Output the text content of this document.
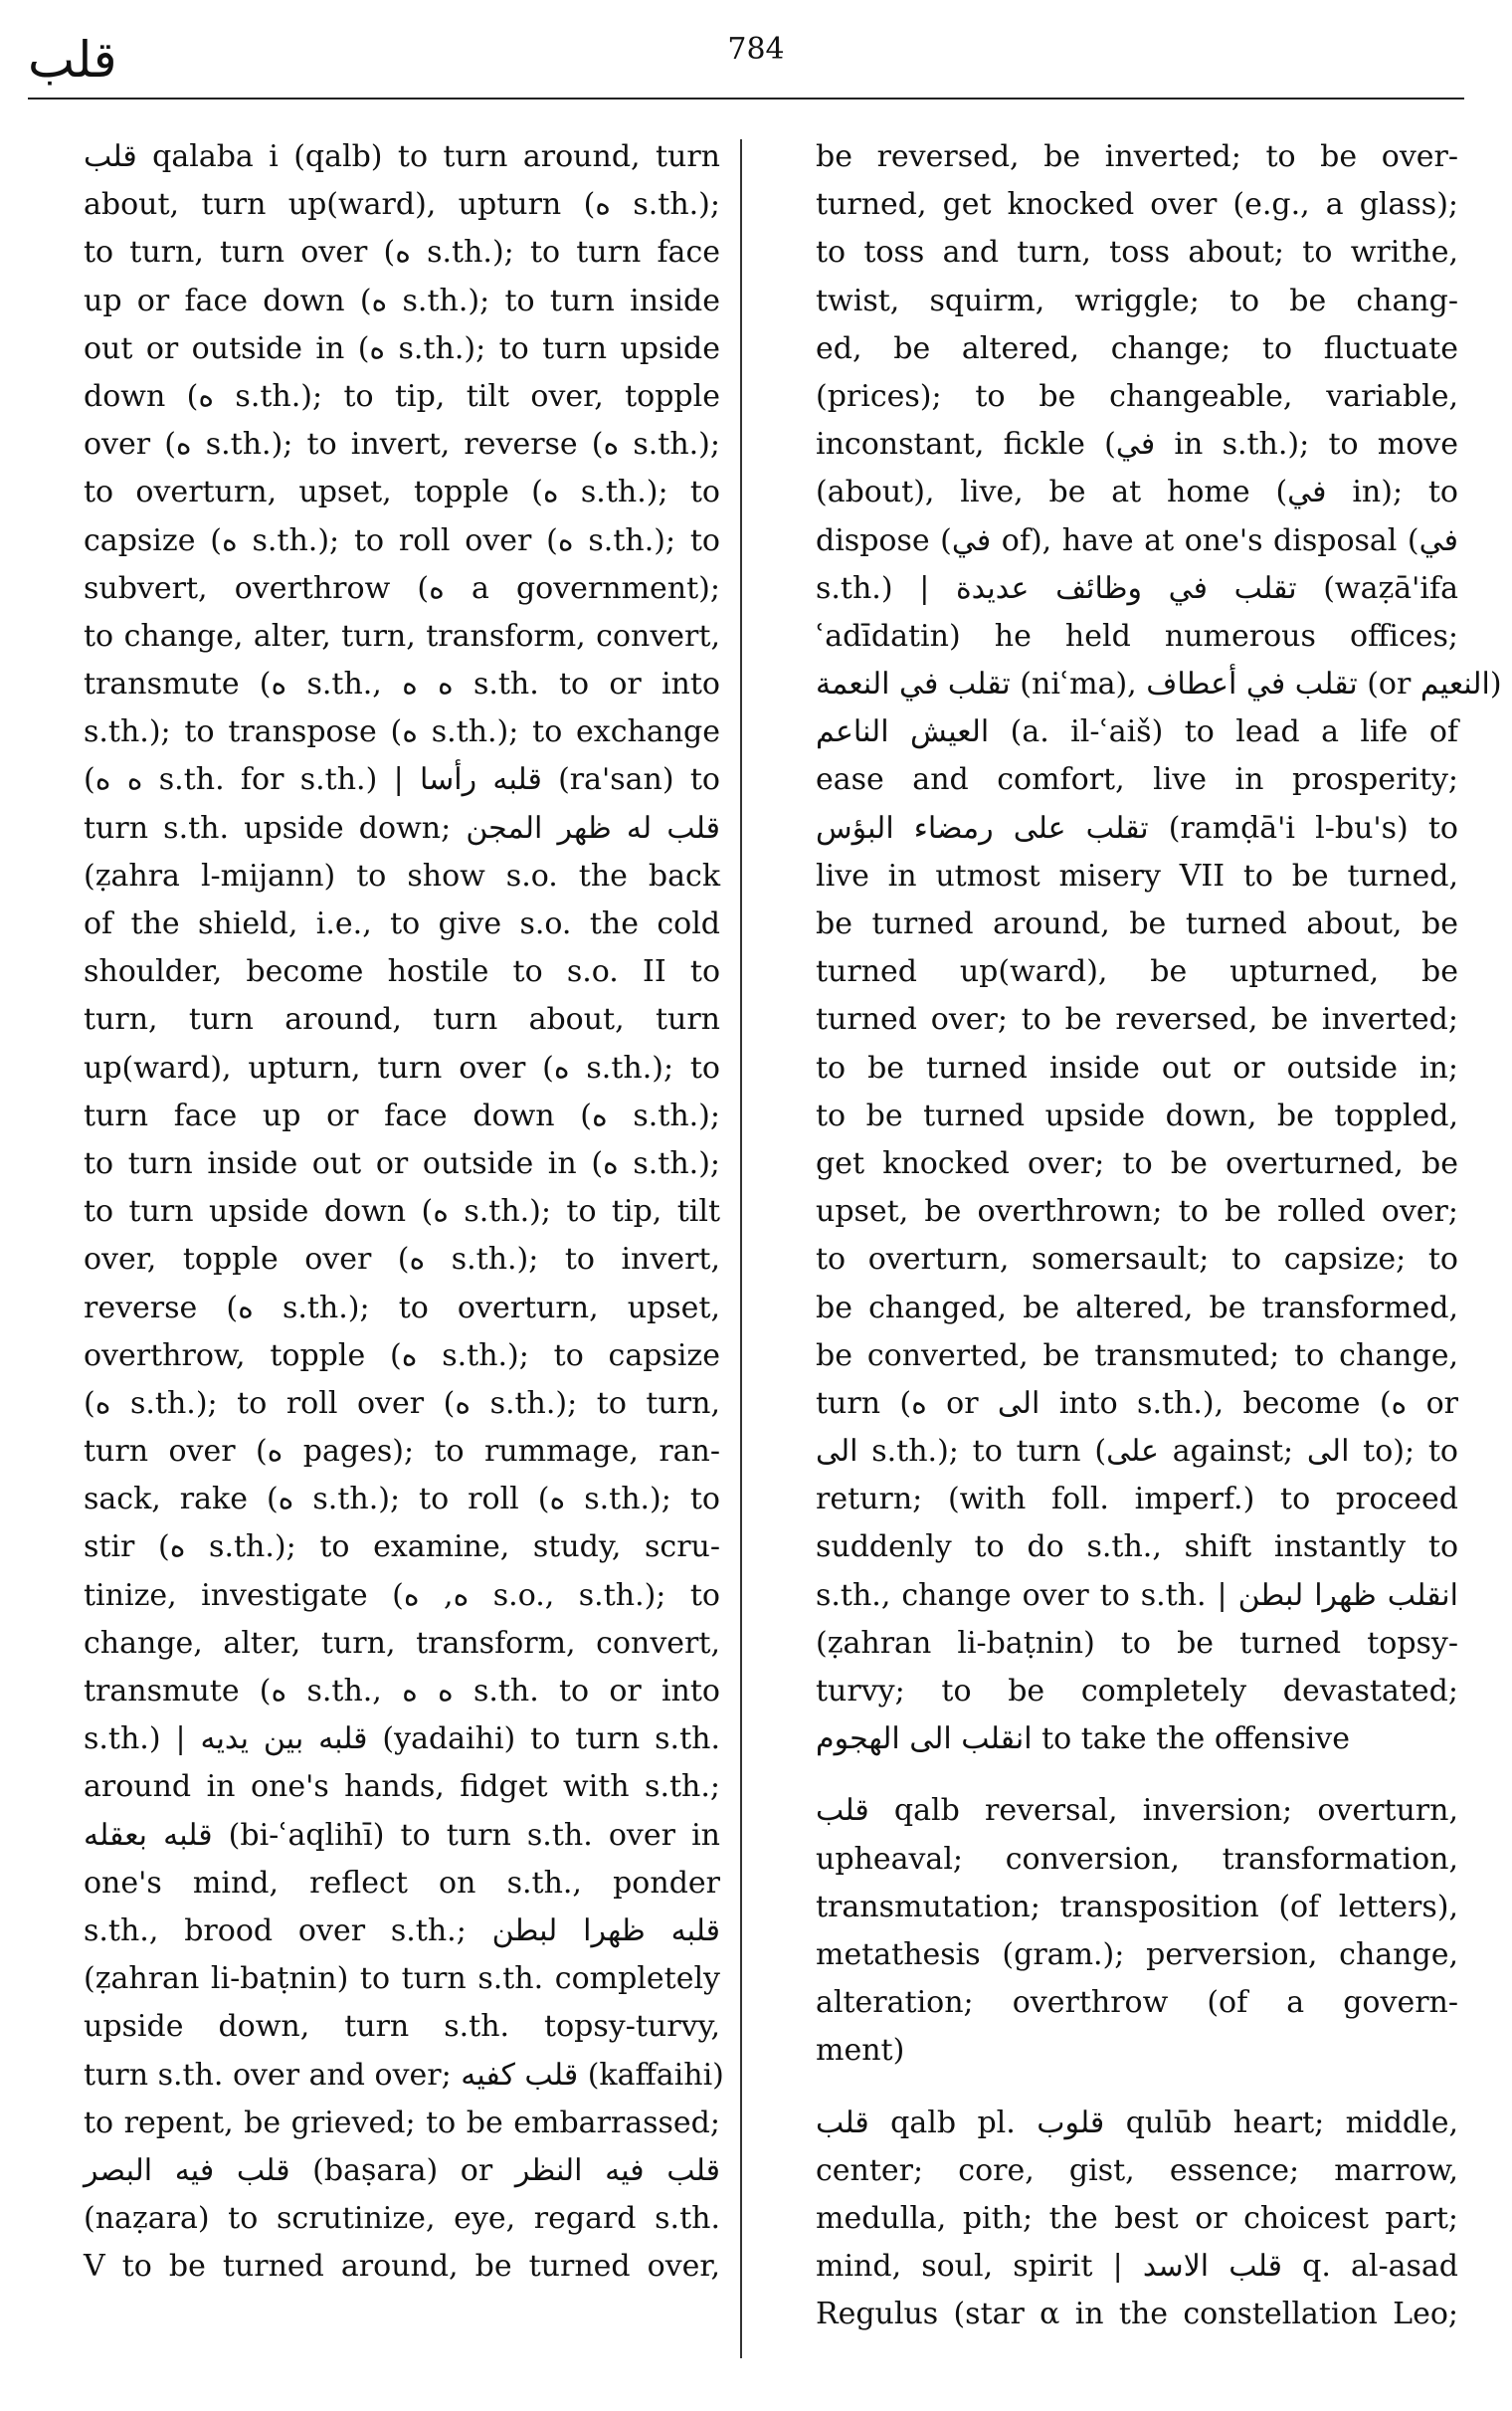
قلب	784
قلب qalaba i (qalb) to turn around, turn
about, turn up(ward), upturn (ه s.th.);
to turn, turn over (ه s.th.); to turn face
up or face down (ه s.th.); to turn inside
out or outside in (ه s.th.); to turn upside
down (ه s.th.); to tip, tilt over, topple
over (ه s.th.); to invert, reverse (ه s.th.);
to overturn, upset, topple (ه s.th.); to
capsize (ه s.th.); to roll over (ه s.th.); to
subvert, overthrow (ه a government);
to change, alter, turn, transform, convert,
transmute (ه s.th., ه ه s.th. to or into
s.th.); to transpose (ه s.th.); to exchange
(ه ه s.th. for s.th.) | قلبه رأسا (ra'san) to
turn s.th. upside down; قلب له ظهر المجن
(ẓahra l-mijann) to show s.o. the back
of the shield, i.e., to give s.o. the cold
shoulder, become hostile to s.o. II to
turn, turn around, turn about, turn
up(ward), upturn, turn over (ه s.th.); to
turn face up or face down (ه s.th.);
to turn inside out or outside in (ه s.th.);
to turn upside down (ه s.th.); to tip, tilt
over, topple over (ه s.th.); to invert,
reverse (ه s.th.); to overturn, upset,
overthrow, topple (ه s.th.); to capsize
(ه s.th.); to roll over (ه s.th.); to turn,
turn over (ه pages); to rummage, ran-
sack, rake (ه s.th.); to roll (ه s.th.); to
stir (ه s.th.); to examine, study, scru-
tinize, investigate (ه, ه s.o., s.th.); to
change, alter, turn, transform, convert,
transmute (ه s.th., ه ه s.th. to or into
s.th.) | قلبه بين يديه (yadaihi) to turn s.th.
around in one's hands, fidget with s.th.;
قلبه بعقله (bi-ʿaqlihī) to turn s.th. over in
one's mind, reflect on s.th., ponder
s.th., brood over s.th.; قلبه ظهرا لبطن
(ẓahran li-baṭnin) to turn s.th. completely
upside down, turn s.th. topsy-turvy,
turn s.th. over and over; قلب كفيه (kaffaihi)
to repent, be grieved; to be embarrassed;
قلب فيه البصر (baṣara) or قلب فيه النظر
(naẓara) to scrutinize, eye, regard s.th.
V to be turned around, be turned over,
be reversed, be inverted; to be over-
turned, get knocked over (e.g., a glass);
to toss and turn, toss about; to writhe,
twist, squirm, wriggle; to be chang-
ed, be altered, change; to fluctuate
(prices); to be changeable, variable,
inconstant, fickle (في in s.th.); to move
(about), live, be at home (في in); to
dispose (في of), have at one's disposal (في
s.th.) | تقلب في وظائف عديدة (waẓā'ifa
ʿadīdatin) he held numerous offices;
تقلب في النعمة (niʿma), تقلب في أعطاف (or النعيم)
العيش الناعم (a. il-ʿaiš) to lead a life of
ease and comfort, live in prosperity;
تقلب على رمضاء البؤس (ramḍā'i l-bu's) to
live in utmost misery VII to be turned,
be turned around, be turned about, be
turned up(ward), be upturned, be
turned over; to be reversed, be inverted;
to be turned inside out or outside in;
to be turned upside down, be toppled,
get knocked over; to be overturned, be
upset, be overthrown; to be rolled over;
to overturn, somersault; to capsize; to
be changed, be altered, be transformed,
be converted, be transmuted; to change,
turn (ه or الى into s.th.), become (ه or
الى s.th.); to turn (على against; الى to); to
return; (with foll. imperf.) to proceed
suddenly to do s.th., shift instantly to
s.th., change over to s.th. | انقلب ظهرا لبطن
(ẓahran li-baṭnin) to be turned topsy-
turvy; to be completely devastated;
انقلب الى الهجوم to take the offensive
قلب qalb reversal, inversion; overturn,
upheaval; conversion, transformation,
transmutation; transposition (of letters),
metathesis (gram.); perversion, change,
alteration; overthrow (of a govern-
ment)
قلب qalb pl. قلوب qulūb heart; middle,
center; core, gist, essence; marrow,
medulla, pith; the best or choicest part;
mind, soul, spirit | قلب الاسد q. al-asad
Regulus (star α in the constellation Leo;
